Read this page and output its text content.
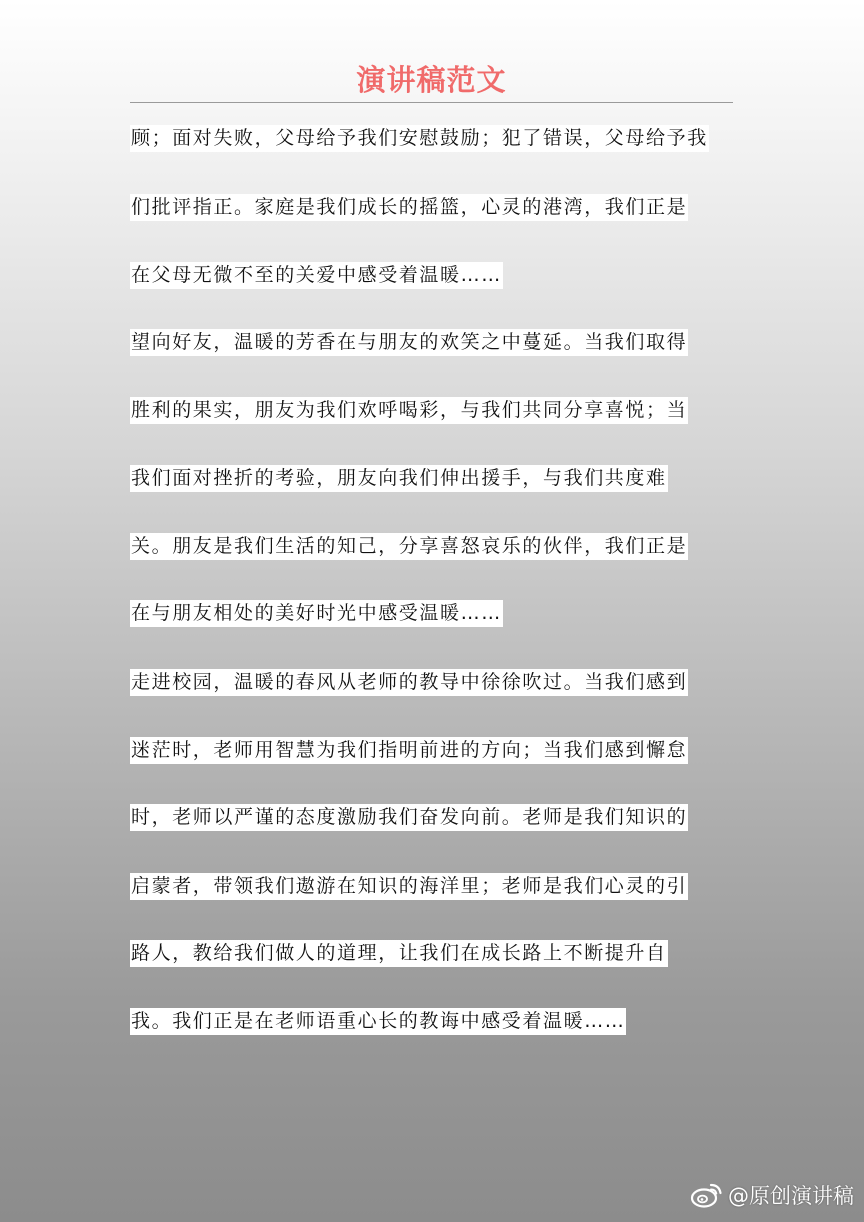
演讲稿范文
顾；面对失败，父母给予我们安慰鼓励；犯了错误，父母给予我
们批评指正。家庭是我们成长的摇篮，心灵的港湾，我们正是
在父母无微不至的关爱中感受着温暖……
望向好友，温暖的芳香在与朋友的欢笑之中蔓延。当我们取得
胜利的果实，朋友为我们欢呼喝彩，与我们共同分享喜悦；当
我们面对挫折的考验，朋友向我们伸出援手，与我们共度难
关。朋友是我们生活的知己，分享喜怒哀乐的伙伴，我们正是
在与朋友相处的美好时光中感受温暖……
走进校园，温暖的春风从老师的教导中徐徐吹过。当我们感到
迷茫时，老师用智慧为我们指明前进的方向；当我们感到懈怠
时，老师以严谨的态度激励我们奋发向前。老师是我们知识的
启蒙者，带领我们遨游在知识的海洋里；老师是我们心灵的引
路人，教给我们做人的道理，让我们在成长路上不断提升自
我。我们正是在老师语重心长的教诲中感受着温暖……
@原创演讲稿
